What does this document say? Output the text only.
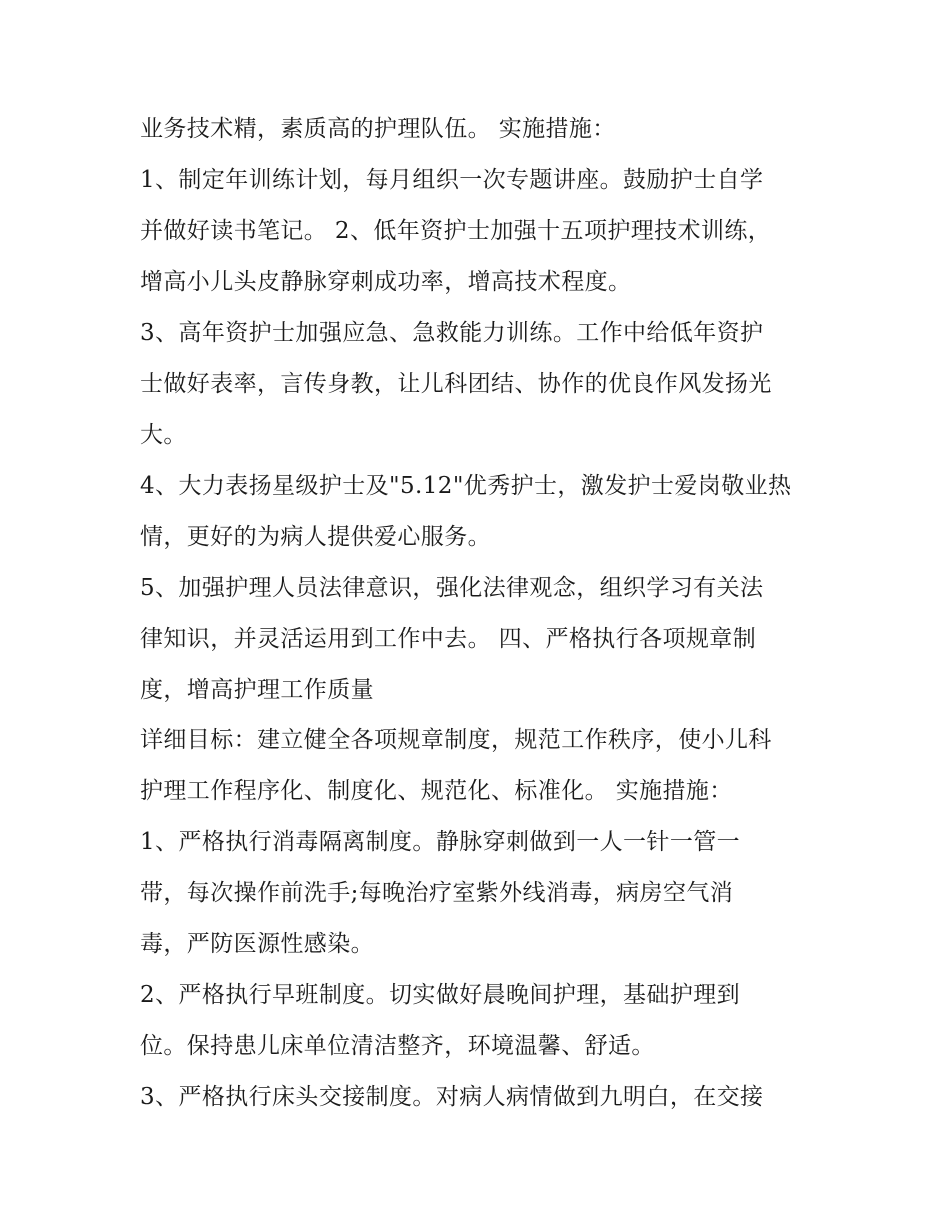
业务技术精，素质高的护理队伍。 实施措施：
1、制定年训练计划，每月组织一次专题讲座。鼓励护士自学
并做好读书笔记。 2、低年资护士加强十五项护理技术训练，
增高小儿头皮静脉穿刺成功率，增高技术程度。
3、高年资护士加强应急、急救能力训练。工作中给低年资护
士做好表率，言传身教，让儿科团结、协作的优良作风发扬光
大。
4、大力表扬星级护士及"5.12"优秀护士，激发护士爱岗敬业热
情，更好的为病人提供爱心服务。
5、加强护理人员法律意识，强化法律观念，组织学习有关法
律知识，并灵活运用到工作中去。 四、严格执行各项规章制
度，增高护理工作质量
详细目标：建立健全各项规章制度，规范工作秩序，使小儿科
护理工作程序化、制度化、规范化、标准化。 实施措施：
1、严格执行消毒隔离制度。静脉穿刺做到一人一针一管一
带，每次操作前洗手;每晚治疗室紫外线消毒，病房空气消
毒，严防医源性感染。
2、严格执行早班制度。切实做好晨晚间护理，基础护理到
位。保持患儿床单位清洁整齐，环境温馨、舒适。
3、严格执行床头交接制度。对病人病情做到九明白，在交接
